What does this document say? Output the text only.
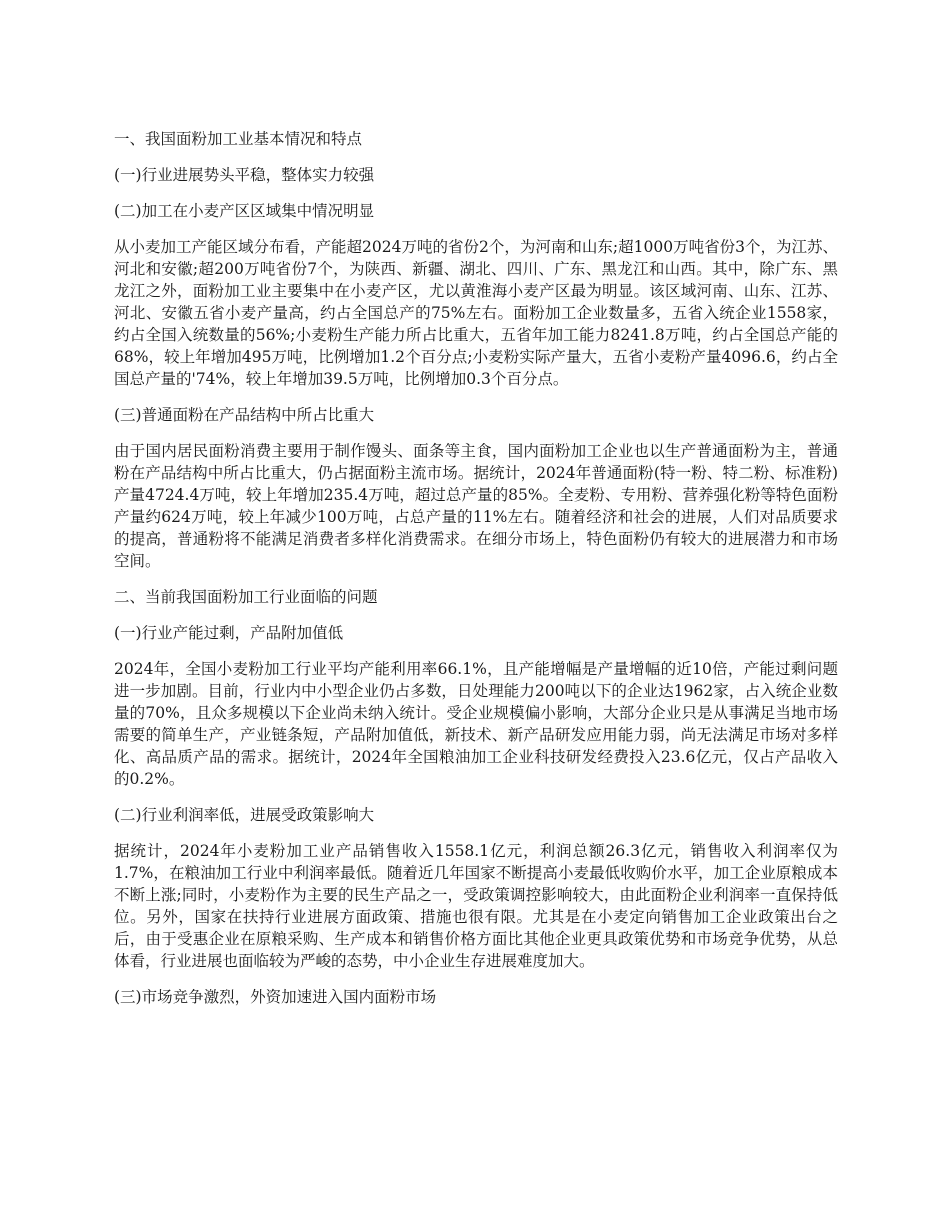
一、我国面粉加工业基本情况和特点
(一)行业进展势头平稳，整体实力较强
(二)加工在小麦产区区域集中情况明显
从小麦加工产能区域分布看，产能超2024万吨的省份2个，为河南和山东;超1000万吨省份3个，为江苏、河北和安徽;超200万吨省份7个，为陕西、新疆、湖北、四川、广东、黑龙江和山西。其中，除广东、黑龙江之外，面粉加工业主要集中在小麦产区，尤以黄淮海小麦产区最为明显。该区域河南、山东、江苏、河北、安徽五省小麦产量高，约占全国总产的75%左右。面粉加工企业数量多，五省入统企业1558家，约占全国入统数量的56%;小麦粉生产能力所占比重大，五省年加工能力8241.8万吨，约占全国总产能的68%，较上年增加495万吨，比例增加1.2个百分点;小麦粉实际产量大，五省小麦粉产量4096.6，约占全国总产量的'74%，较上年增加39.5万吨，比例增加0.3个百分点。
(三)普通面粉在产品结构中所占比重大
由于国内居民面粉消费主要用于制作馒头、面条等主食，国内面粉加工企业也以生产普通面粉为主，普通粉在产品结构中所占比重大，仍占据面粉主流市场。据统计，2024年普通面粉(特一粉、特二粉、标准粉)产量4724.4万吨，较上年增加235.4万吨，超过总产量的85%。全麦粉、专用粉、营养强化粉等特色面粉产量约624万吨，较上年减少100万吨，占总产量的11%左右。随着经济和社会的进展，人们对品质要求的提高，普通粉将不能满足消费者多样化消费需求。在细分市场上，特色面粉仍有较大的进展潜力和市场空间。
二、当前我国面粉加工行业面临的问题
(一)行业产能过剩，产品附加值低
2024年，全国小麦粉加工行业平均产能利用率66.1%，且产能增幅是产量增幅的近10倍，产能过剩问题进一步加剧。目前，行业内中小型企业仍占多数，日处理能力200吨以下的企业达1962家，占入统企业数量的70%，且众多规模以下企业尚未纳入统计。受企业规模偏小影响，大部分企业只是从事满足当地市场需要的简单生产，产业链条短，产品附加值低，新技术、新产品研发应用能力弱，尚无法满足市场对多样化、高品质产品的需求。据统计，2024年全国粮油加工企业科技研发经费投入23.6亿元，仅占产品收入的0.2%。
(二)行业利润率低，进展受政策影响大
据统计，2024年小麦粉加工业产品销售收入1558.1亿元，利润总额26.3亿元，销售收入利润率仅为1.7%，在粮油加工行业中利润率最低。随着近几年国家不断提高小麦最低收购价水平，加工企业原粮成本不断上涨;同时，小麦粉作为主要的民生产品之一，受政策调控影响较大，由此面粉企业利润率一直保持低位。另外，国家在扶持行业进展方面政策、措施也很有限。尤其是在小麦定向销售加工企业政策出台之后，由于受惠企业在原粮采购、生产成本和销售价格方面比其他企业更具政策优势和市场竞争优势，从总体看，行业进展也面临较为严峻的态势，中小企业生存进展难度加大。
(三)市场竞争激烈，外资加速进入国内面粉市场
